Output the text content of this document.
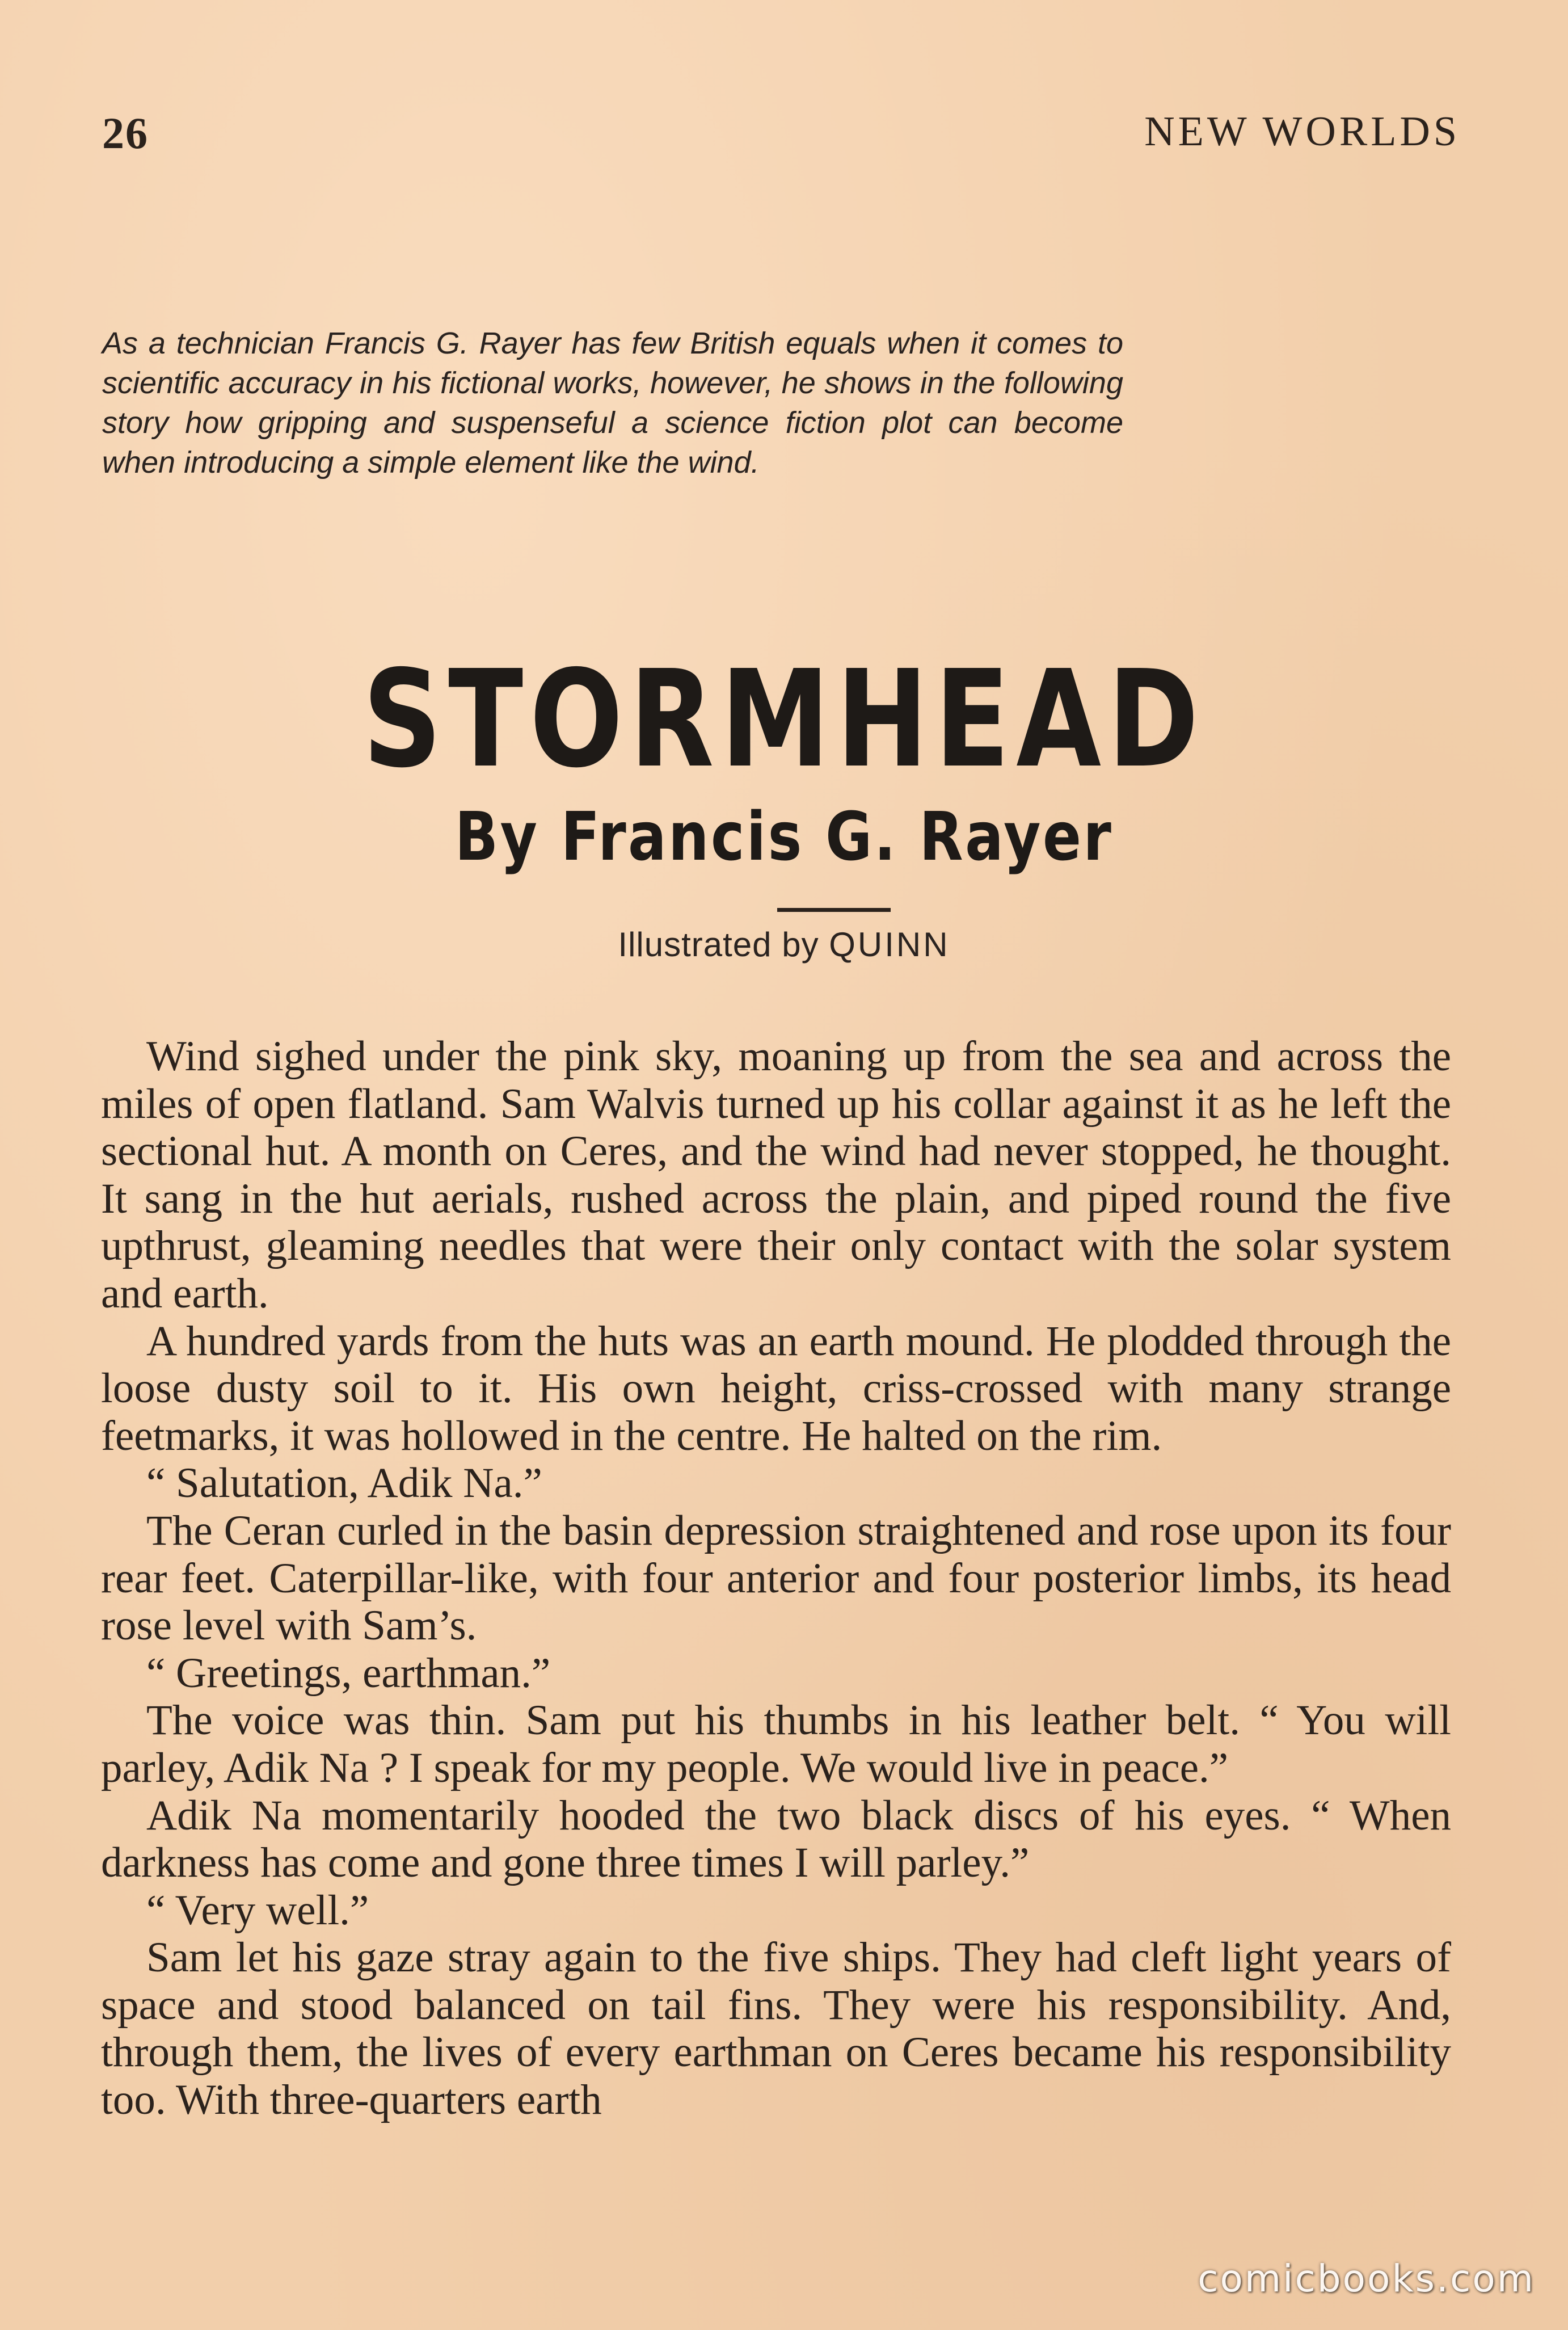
26	NEW WORLDS
As a technician Francis G. Rayer has few British equals when it comes to scientific accuracy in his fictional works, however, he shows in the following story how gripping and suspenseful a science fiction plot can become when introducing a simple element like the wind.
STORMHEAD
By Francis G. Rayer
Illustrated by QUINN

Wind sighed under the pink sky, moaning up from the sea and across the miles of open flatland. Sam Walvis turned up his collar against it as he left the sectional hut. A month on Ceres, and the wind had never stopped, he thought. It sang in the hut aerials, rushed across the plain, and piped round the five upthrust, gleaming needles that were their only contact with the solar system and earth.

A hundred yards from the huts was an earth mound. He plodded through the loose dusty soil to it. His own height, criss-crossed with many strange feetmarks, it was hollowed in the centre. He halted on the rim.

“ Salutation, Adik Na.”

The Ceran curled in the basin depression straightened and rose upon its four rear feet. Caterpillar-like, with four anterior and four posterior limbs, its head rose level with Sam’s.

“ Greetings, earthman.”

The voice was thin. Sam put his thumbs in his leather belt. “ You will parley, Adik Na ? I speak for my people. We would live in peace.”

Adik Na momentarily hooded the two black discs of his eyes. “ When darkness has come and gone three times I will parley.”

“ Very well.”

Sam let his gaze stray again to the five ships. They had cleft light years of space and stood balanced on tail fins. They were his responsibility. And, through them, the lives of every earthman on Ceres became his responsibility too. With three-quarters earth

comicbooks.com
